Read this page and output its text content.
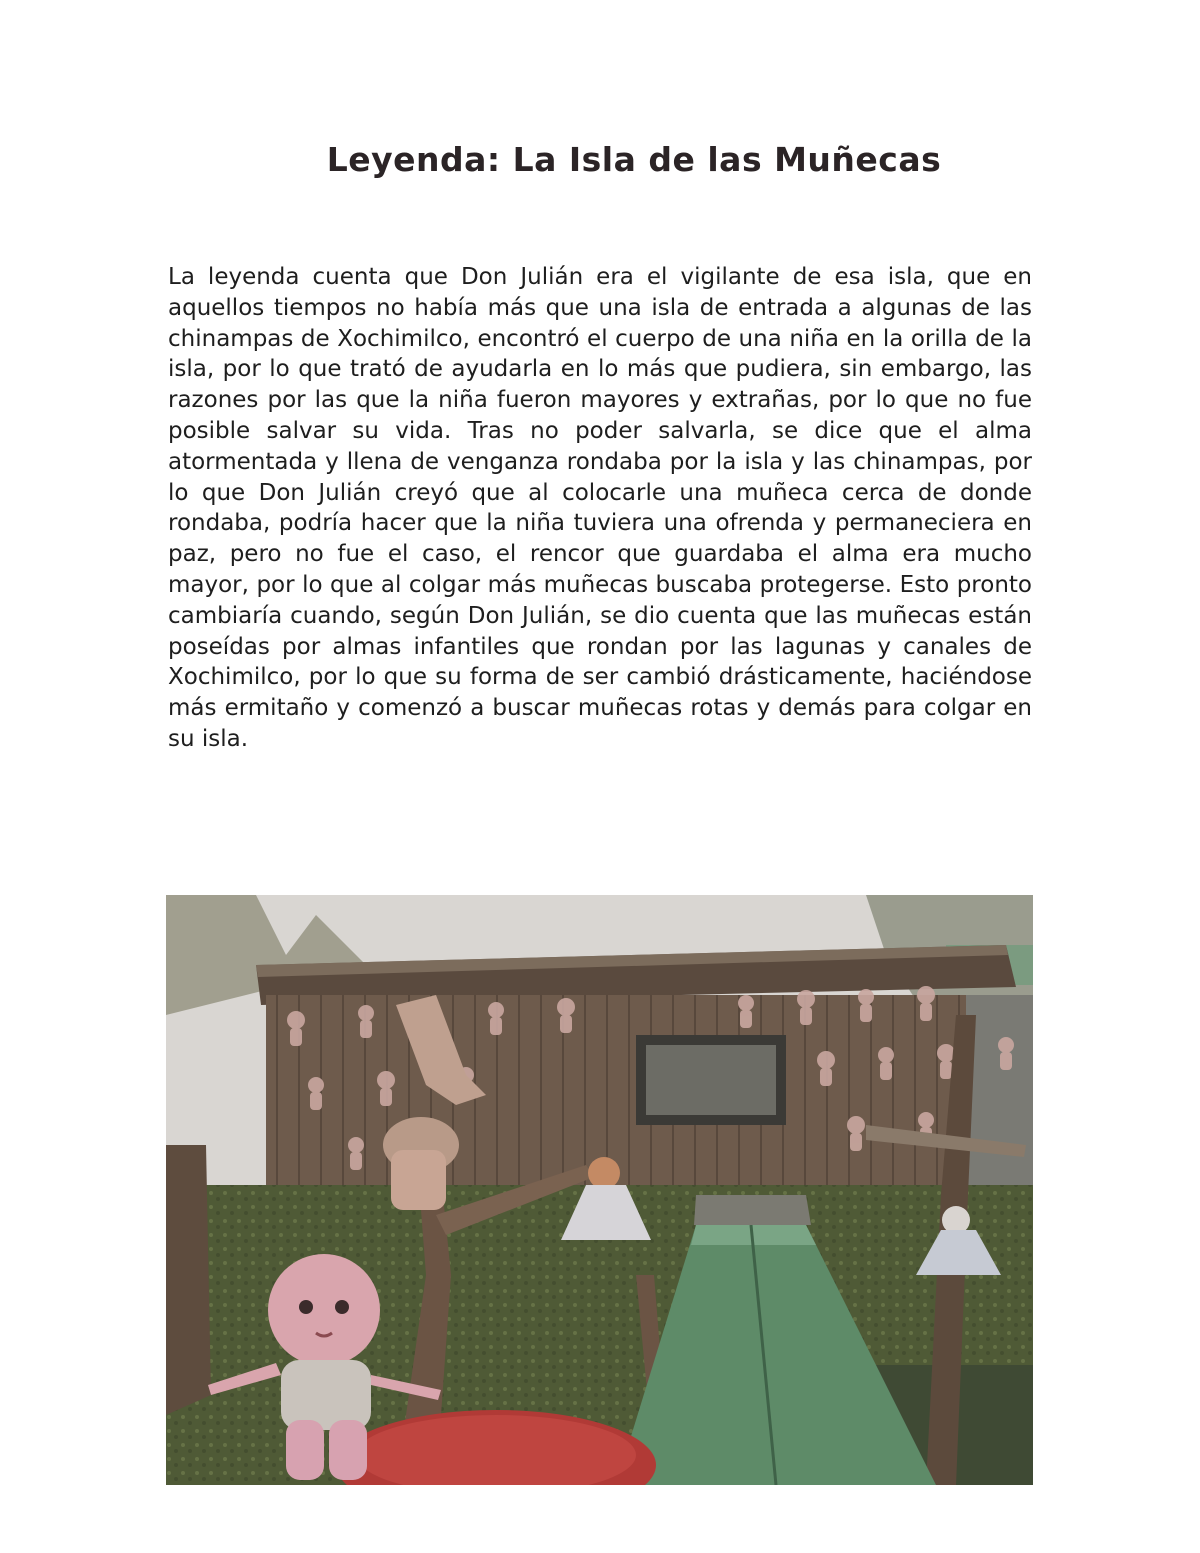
Leyenda: La Isla de las Muñecas

La leyenda cuenta que Don Julián era el vigilante de esa isla, que en aquellos tiempos no había más que una isla de entrada a algunas de las chinampas de Xochimilco, encontró el cuerpo de una niña en la orilla de la isla, por lo que trató de ayudarla en lo más que pudiera, sin embargo, las razones por las que la niña fueron mayores y extrañas, por lo que no fue posible salvar su vida. Tras no poder salvarla, se dice que el alma atormentada y llena de venganza rondaba por la isla y las chinampas, por lo que Don Julián creyó que al colocarle una muñeca cerca de donde rondaba, podría hacer que la niña tuviera una ofrenda y permaneciera en paz, pero no fue el caso, el rencor que guardaba el alma era mucho mayor, por lo que al colgar más muñecas buscaba protegerse. Esto pronto cambiaría cuando, según Don Julián, se dio cuenta que las muñecas están poseídas por almas infantiles que rondan por las lagunas y canales de Xochimilco, por lo que su forma de ser cambió drásticamente, haciéndose más ermitaño y comenzó a buscar muñecas rotas y demás para colgar en su isla.
